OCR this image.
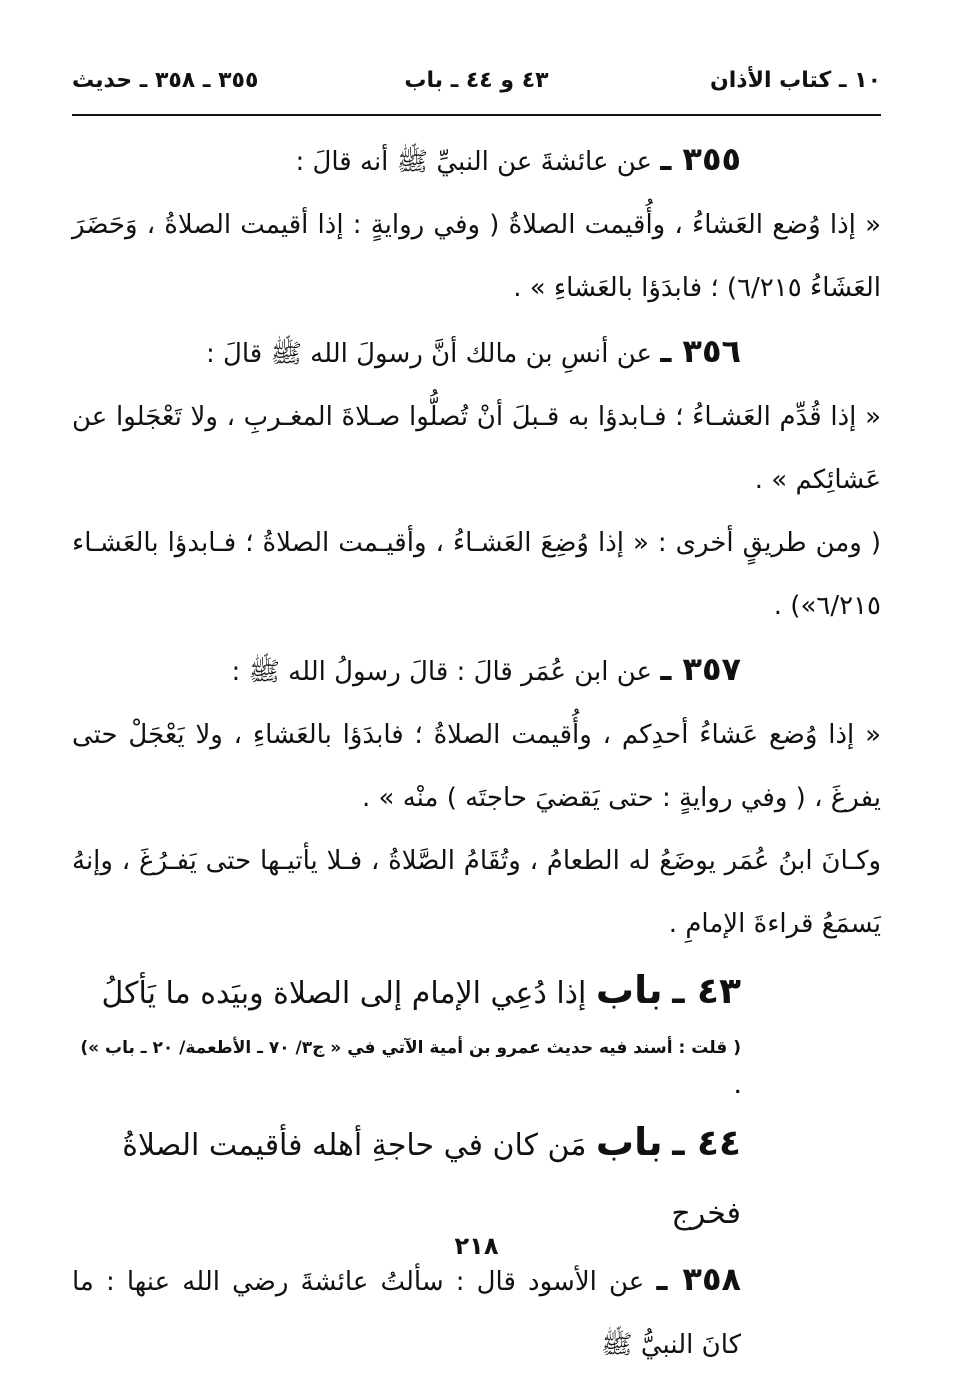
١٠ ـ كتاب الأذان
٤٣ و ٤٤ ـ باب
٣٥٥ ـ ٣٥٨ ـ حديث

٣٥٥ ـ عن عائشةَ عن النبيِّ ﷺ أنه قالَ :

« إذا وُضع العَشاءُ ، وأُقيمت الصلاةُ ( وفي روايةٍ : إذا أقيمت الصلاةُ ، وَحَضَرَ العَشَاءُ ٦/٢١٥) ؛ فابدَؤا بالعَشاءِ » .

٣٥٦ ـ عن أنسِ بن مالك أنَّ رسولَ الله ﷺ قالَ :

« إذا قُدِّم العَشـاءُ ؛ فـابدؤا به قـبلَ أنْ تُصلُّوا صـلاةَ المغـربِ ، ولا تَعْجَلوا عن عَشائِكم » .

( ومن طريقٍ أخرى : « إذا وُضِعَ العَشـاءُ ، وأقيـمت الصلاةُ ؛ فـابدؤا بالعَشـاء ٦/٢١٥») .

٣٥٧ ـ عن ابن عُمَر قالَ : قالَ رسولُ الله ﷺ :

« إذا وُضع عَشاءُ أحدِكم ، وأُقيمت الصلاةُ ؛ فابدَؤا بالعَشاءِ ، ولا يَعْجَلْ حتى يفرغَ ، ( وفي روايةٍ : حتى يَقضيَ حاجتَه ) منْه » .

وكـانَ ابنُ عُمَر يوضَعُ له الطعامُ ، وتُقَامُ الصَّلاةُ ، فـلا يأتيـها حتى يَفـرُغَ ، وإنهُ يَسمَعُ قراءةَ الإمامِ .

٤٣ ـ باب إذا دُعِي الإمام إلى الصلاة وبيَده ما يَأكلُ

( قلت : أسند فيه حديث عمرو بن أمية الآتي في « ج٣/ ٧٠ ـ الأطعمة/ ٢٠ ـ باب ») .

٤٤ ـ باب مَن كان في حاجةِ أهله فأقيمت الصلاةُ فخرج

٣٥٨ ـ عن الأسود قال : سألتُ عائشةَ رضي الله عنها : ما كانَ النبيُّ ﷺ

٢١٨
